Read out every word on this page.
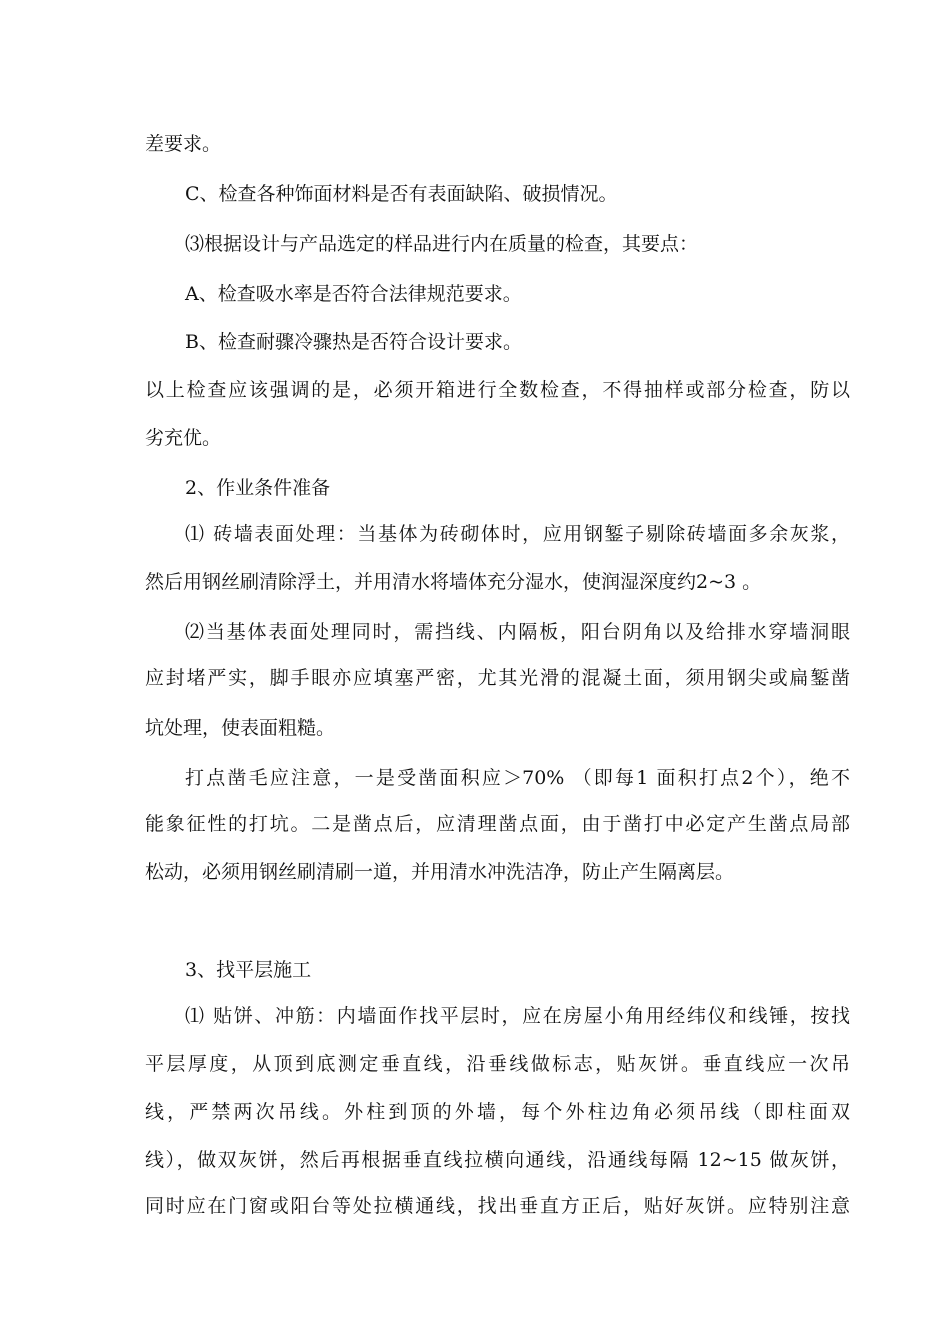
差要求。
C、检查各种饰面材料是否有表面缺陷、破损情况。
⑶根据设计与产品选定的样品进行内在质量的检查，其要点：
A、检查吸水率是否符合法律规范要求。
B、检查耐骤冷骤热是否符合设计要求。
以上检查应该强调的是，必须开箱进行全数检查，不得抽样或部分检查，防以
劣充优。
2、作业条件准备
⑴ 砖墙表面处理：当基体为砖砌体时，应用钢錾子剔除砖墙面多余灰浆，
然后用钢丝刷清除浮土，并用清水将墙体充分湿水，使润湿深度约2~3 。
⑵当基体表面处理同时，需挡线、内隔板，阳台阴角以及给排水穿墙洞眼
应封堵严实，脚手眼亦应填塞严密，尤其光滑的混凝土面，须用钢尖或扁錾凿
坑处理，使表面粗糙。
打点凿毛应注意，一是受凿面积应＞70% （即每1 面积打点2个），绝不
能象征性的打坑。二是凿点后，应清理凿点面，由于凿打中必定产生凿点局部
松动，必须用钢丝刷清刷一道，并用清水冲洗洁净，防止产生隔离层。
3、找平层施工
⑴ 贴饼、冲筋：内墙面作找平层时，应在房屋小角用经纬仪和线锤，按找
平层厚度，从顶到底测定垂直线，沿垂线做标志，贴灰饼。垂直线应一次吊
线，严禁两次吊线。外柱到顶的外墙，每个外柱边角必须吊线（即柱面双
线），做双灰饼，然后再根据垂直线拉横向通线，沿通线每隔 12~15 做灰饼，
同时应在门窗或阳台等处拉横通线，找出垂直方正后，贴好灰饼。应特别注意
